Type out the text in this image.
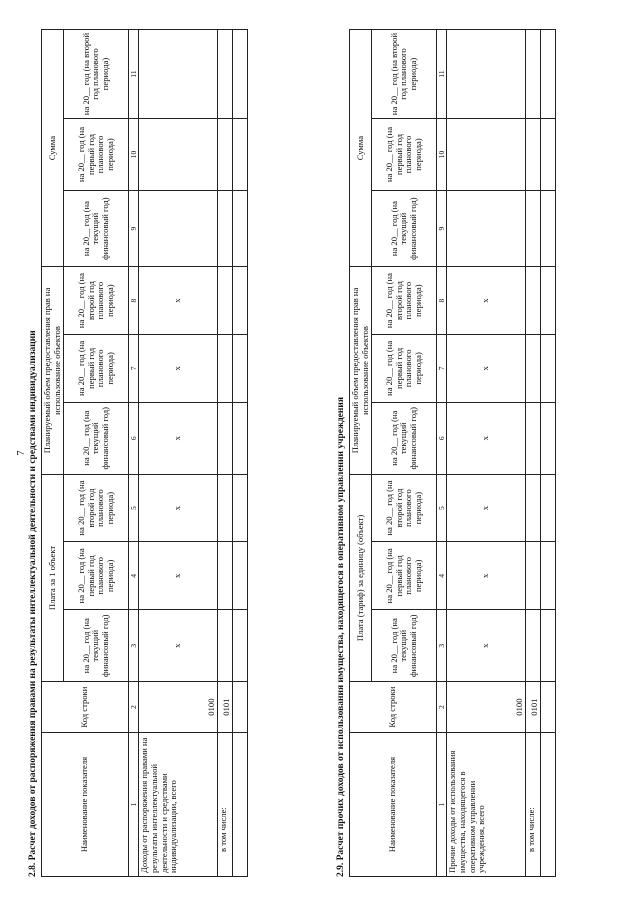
7 2.8. Расчет доходов от распоряжения правами на результаты интеллектуальной деятельности и средствами индивидуализации	Наименование показателя	Код строки	Плата за 1 объект			Планируемый объем предоставления прав на использование объектов			Сумма		
		на 20__ год (на текущий финансовый год)	на 20__ год (на первый год планового периода)	на 20__ год (на второй год планового периода)	на 20__ год (на текущий финансовый год)	на 20__ год (на первый год планового периода)	на 20__ год (на второй год планового периода)	на 20__ год (на текущий финансовый год)	на 20__ год (на первый год планового периода)	на 20__ год (на второй год планового периода)
1	2	3	4	5	6	7	8	9	10	11
Доходы от распоряжения правами на результаты интеллектуальной деятельности и средствами индивидуализации, всего	0100	х	х	х	х	х	х			
в том числе:	0101									
											2.9. Расчет прочих доходов от использования имущества, находящегося в оперативном управлении учреждения	Наименование показателя	Код строки	Плата (тариф) за единицу (объект)			Планируемый объем предоставления прав на использование объектов			Сумма		
		на 20__ год (на текущий финансовый год)	на 20__ год (на первый год планового периода)	на 20__ год (на второй год планового периода)	на 20__ год (на текущий финансовый год)	на 20__ год (на первый год планового периода)	на 20__ год (на второй год планового периода)	на 20__ год (на текущий финансовый год)	на 20__ год (на первый год планового периода)	на 20__ год (на второй год планового периода)
1	2	3	4	5	6	7	8	9	10	11
Прочие доходы от использования имущества, находящегося в оперативном управлении учреждения, всего	0100	х	х	х	х	х	х			
в том числе:	0101									
